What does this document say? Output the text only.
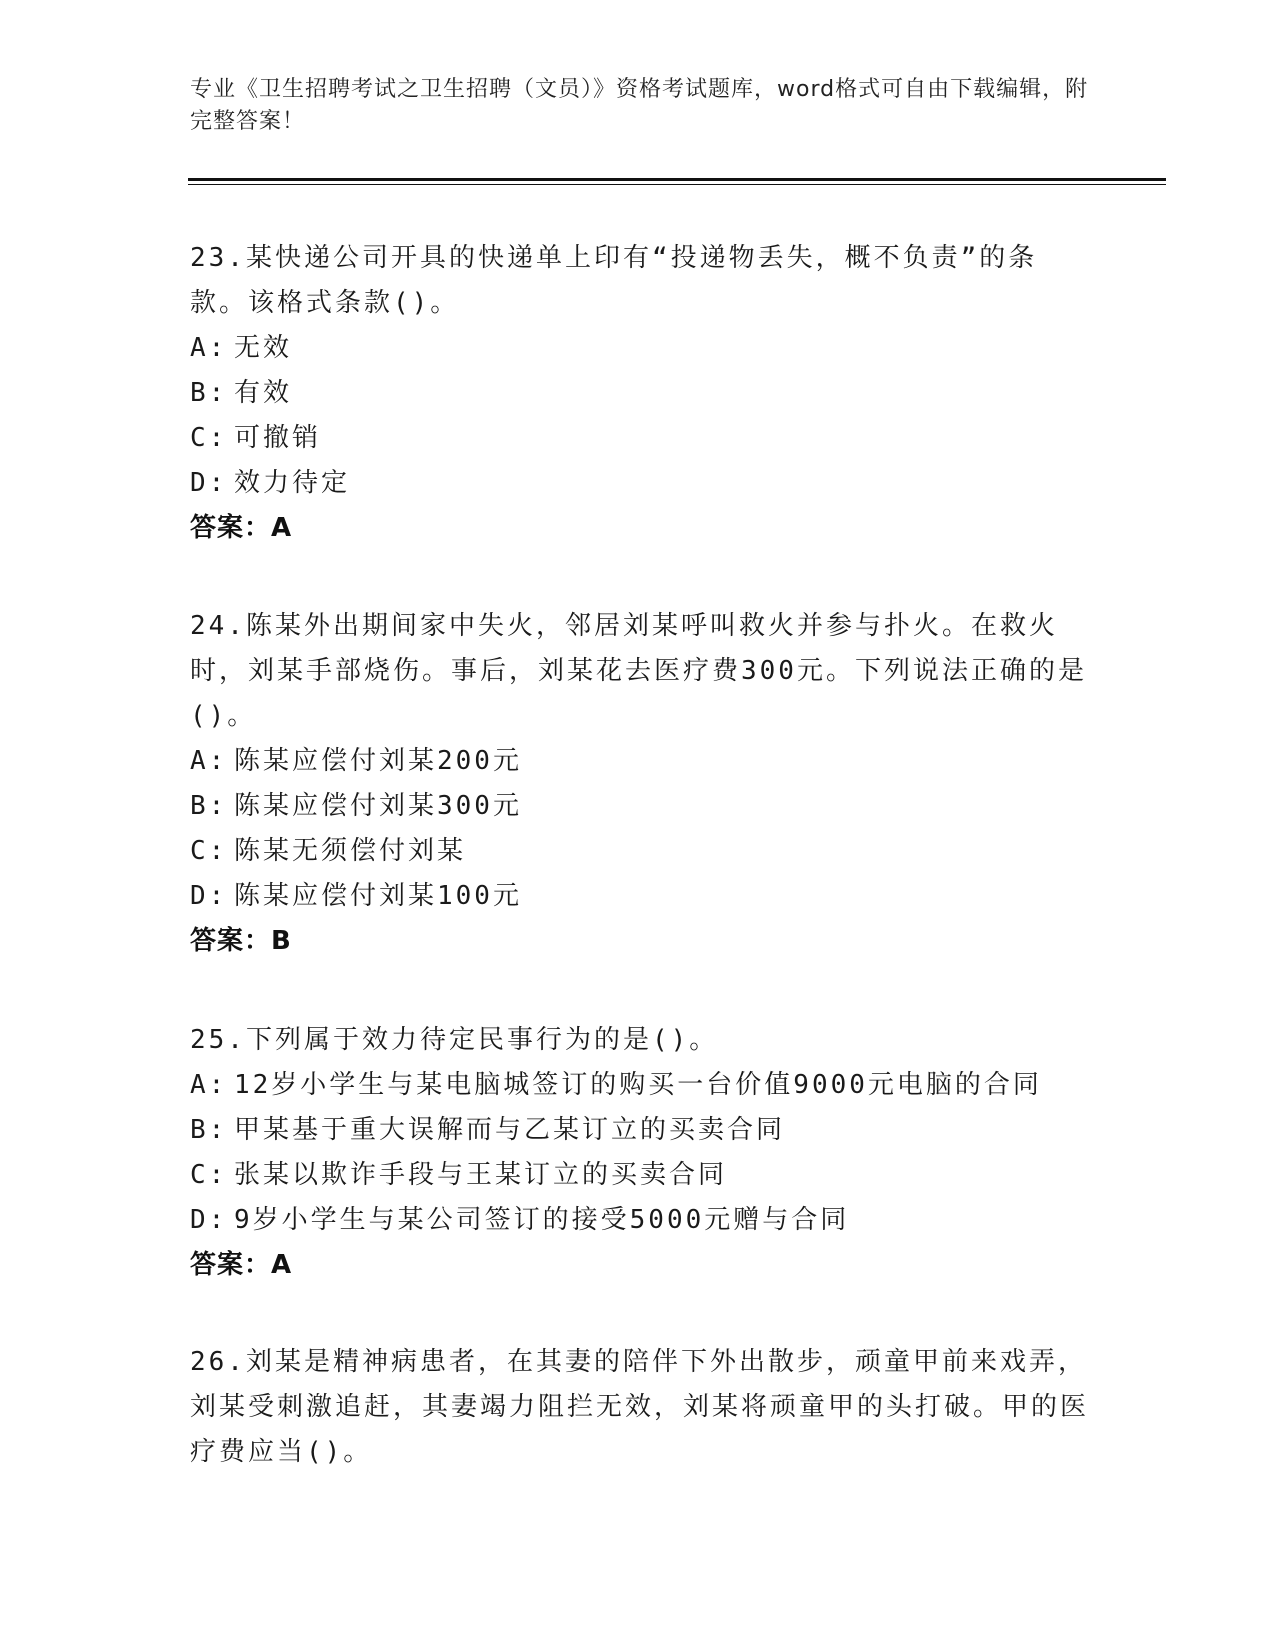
专业《卫生招聘考试之卫生招聘（文员）》资格考试题库，word格式可自由下载编辑，附完整答案！
23.某快递公司开具的快递单上印有“投递物丢失，概不负责”的条款。该格式条款()。
A: 无效
B: 有效
C: 可撤销
D: 效力待定
答案：A
24.陈某外出期间家中失火，邻居刘某呼叫救火并参与扑火。在救火时，刘某手部烧伤。事后，刘某花去医疗费300元。下列说法正确的是()。
A: 陈某应偿付刘某200元
B: 陈某应偿付刘某300元
C: 陈某无须偿付刘某
D: 陈某应偿付刘某100元
答案：B
25.下列属于效力待定民事行为的是()。
A: 12岁小学生与某电脑城签订的购买一台价值9000元电脑的合同
B: 甲某基于重大误解而与乙某订立的买卖合同
C: 张某以欺诈手段与王某订立的买卖合同
D: 9岁小学生与某公司签订的接受5000元赠与合同
答案：A
26.刘某是精神病患者，在其妻的陪伴下外出散步，顽童甲前来戏弄，刘某受刺激追赶，其妻竭力阻拦无效，刘某将顽童甲的头打破。甲的医疗费应当()。
